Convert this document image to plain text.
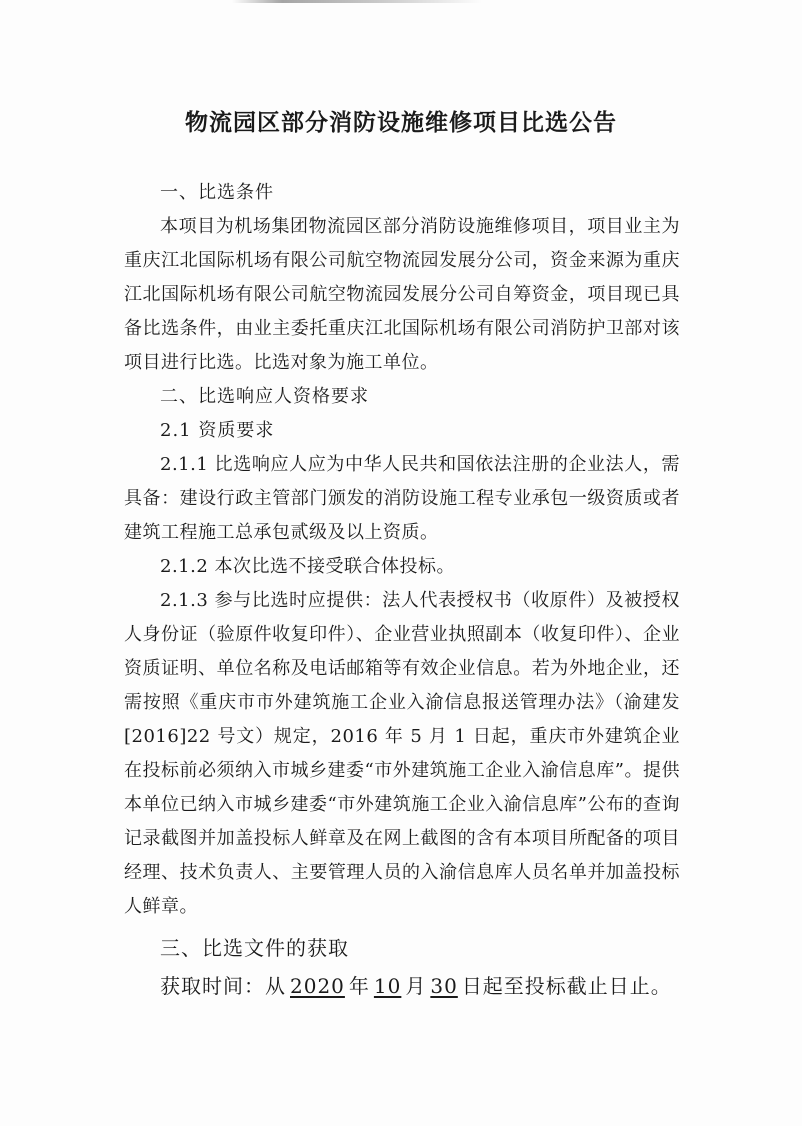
物流园区部分消防设施维修项目比选公告

一、比选条件

本项目为机场集团物流园区部分消防设施维修项目，项目业主为重庆江北国际机场有限公司航空物流园发展分公司，资金来源为重庆江北国际机场有限公司航空物流园发展分公司自筹资金，项目现已具备比选条件，由业主委托重庆江北国际机场有限公司消防护卫部对该项目进行比选。比选对象为施工单位。

二、比选响应人资格要求

2.1 资质要求

2.1.1 比选响应人应为中华人民共和国依法注册的企业法人，需具备：建设行政主管部门颁发的消防设施工程专业承包一级资质或者建筑工程施工总承包贰级及以上资质。

2.1.2 本次比选不接受联合体投标。

2.1.3 参与比选时应提供：法人代表授权书（收原件）及被授权人身份证（验原件收复印件）、企业营业执照副本（收复印件）、企业资质证明、单位名称及电话邮箱等有效企业信息。若为外地企业，还需按照《重庆市市外建筑施工企业入渝信息报送管理办法》（渝建发[2016]22 号文）规定，2016 年 5 月 1 日起，重庆市外建筑企业在投标前必须纳入市城乡建委“市外建筑施工企业入渝信息库”。提供本单位已纳入市城乡建委“市外建筑施工企业入渝信息库”公布的查询记录截图并加盖投标人鲜章及在网上截图的含有本项目所配备的项目经理、技术负责人、主要管理人员的入渝信息库人员名单并加盖投标人鲜章。

三、比选文件的获取

获取时间：从 2020 年 10 月 30 日起至投标截止日止。
